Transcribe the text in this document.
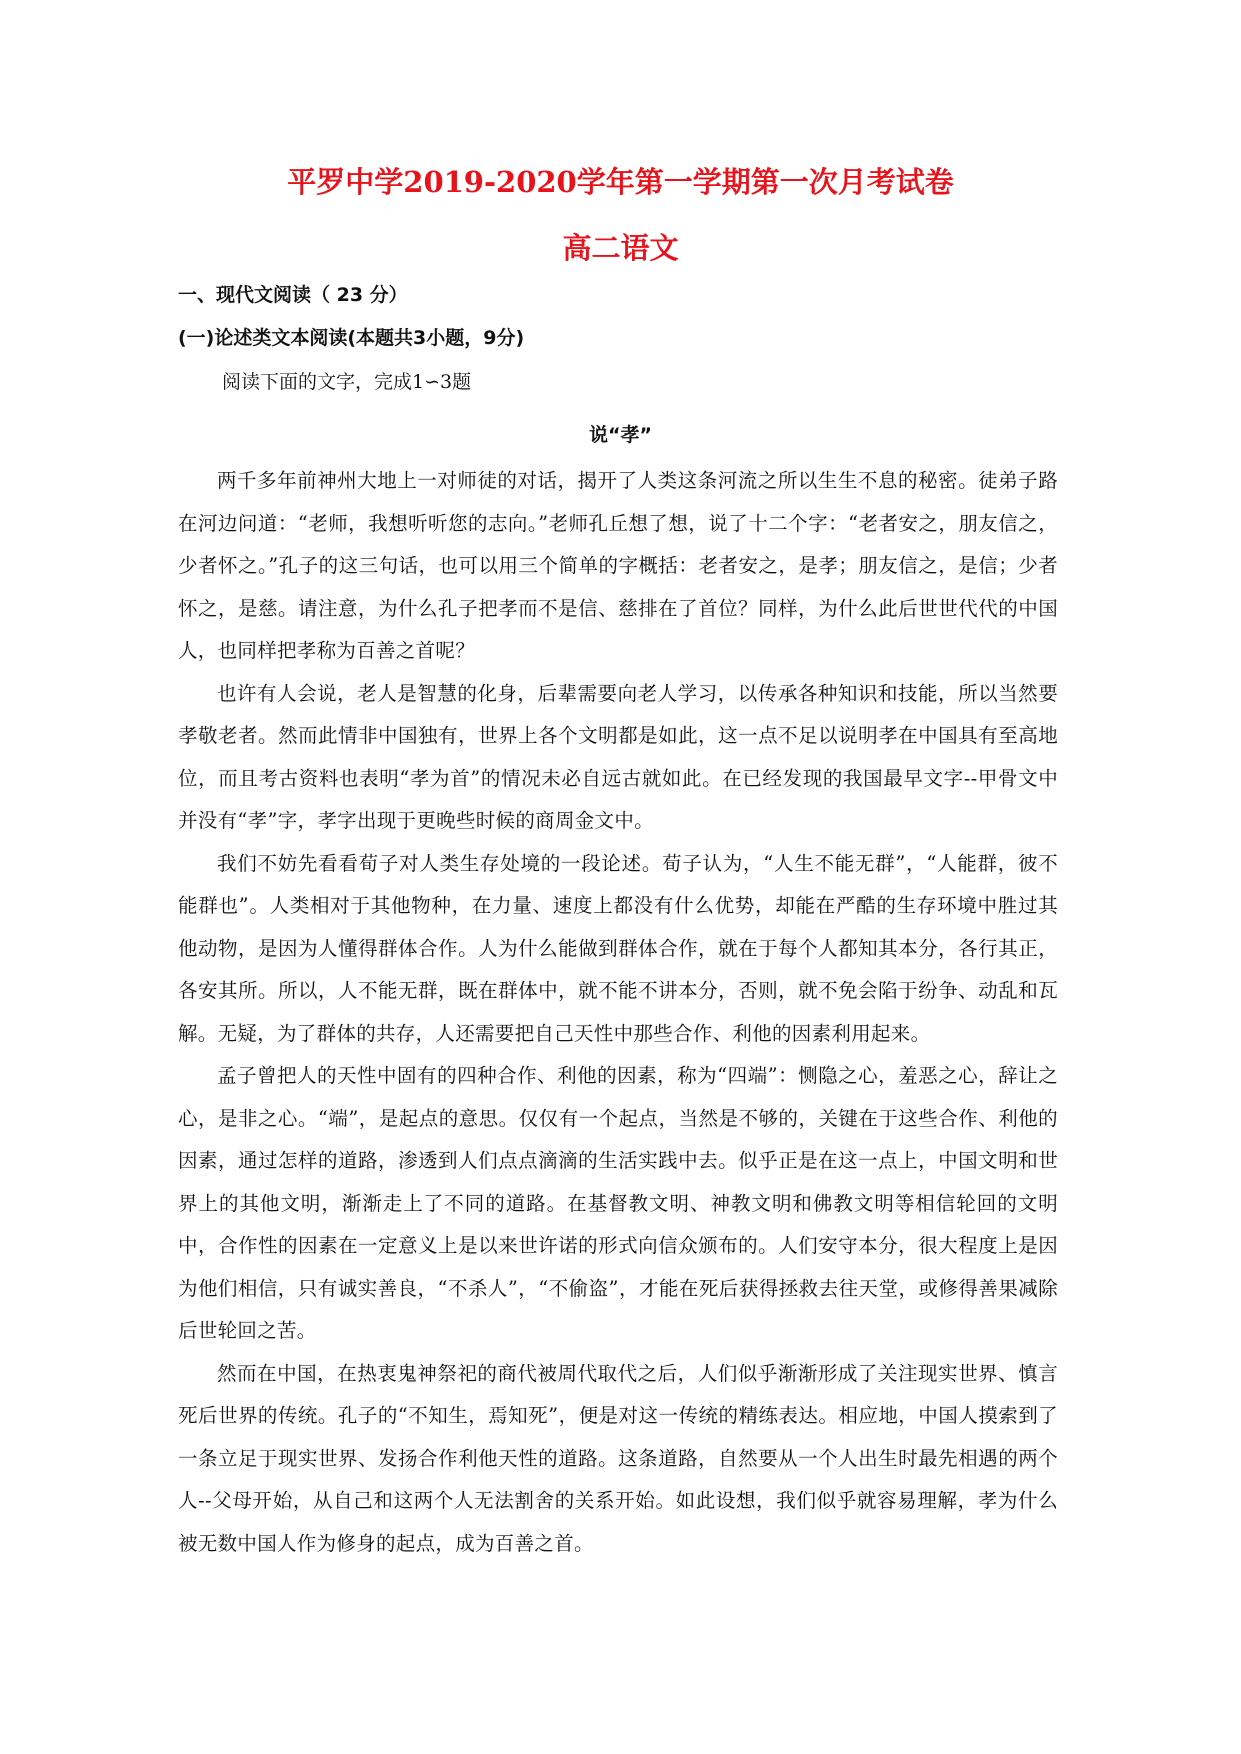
平罗中学2019-2020学年第一学期第一次月考试卷
高二语文
一、现代文阅读（ 23 分）
(一)论述类文本阅读(本题共3小题，9分)
阅读下面的文字，完成1∽3题
说“孝”

两千多年前神州大地上一对师徒的对话，揭开了人类这条河流之所以生生不息的秘密。徒弟子路在河边问道：“老师，我想听听您的志向。”老师孔丘想了想，说了十二个字：“老者安之，朋友信之，少者怀之。”孔子的这三句话，也可以用三个简单的字概括：老者安之，是孝；朋友信之，是信；少者怀之，是慈。请注意，为什么孔子把孝而不是信、慈排在了首位？同样，为什么此后世世代代的中国人，也同样把孝称为百善之首呢？

也许有人会说，老人是智慧的化身，后辈需要向老人学习，以传承各种知识和技能，所以当然要孝敬老者。然而此情非中国独有，世界上各个文明都是如此，这一点不足以说明孝在中国具有至高地位，而且考古资料也表明“孝为首”的情况未必自远古就如此。在已经发现的我国最早文字--甲骨文中并没有“孝”字，孝字出现于更晚些时候的商周金文中。

我们不妨先看看荀子对人类生存处境的一段论述。荀子认为，“人生不能无群”，“人能群，彼不能群也”。人类相对于其他物种，在力量、速度上都没有什么优势，却能在严酷的生存环境中胜过其他动物，是因为人懂得群体合作。人为什么能做到群体合作，就在于每个人都知其本分，各行其正，各安其所。所以，人不能无群，既在群体中，就不能不讲本分，否则，就不免会陷于纷争、动乱和瓦解。无疑，为了群体的共存，人还需要把自己天性中那些合作、利他的因素利用起来。

孟子曾把人的天性中固有的四种合作、利他的因素，称为“四端”：恻隐之心，羞恶之心，辞让之心，是非之心。“端”，是起点的意思。仅仅有一个起点，当然是不够的，关键在于这些合作、利他的因素，通过怎样的道路，渗透到人们点点滴滴的生活实践中去。似乎正是在这一点上，中国文明和世界上的其他文明，渐渐走上了不同的道路。在基督教文明、神教文明和佛教文明等相信轮回的文明中，合作性的因素在一定意义上是以来世许诺的形式向信众颁布的。人们安守本分，很大程度上是因为他们相信，只有诚实善良，“不杀人”，“不偷盗”，才能在死后获得拯救去往天堂，或修得善果减除后世轮回之苦。

然而在中国，在热衷鬼神祭祀的商代被周代取代之后，人们似乎渐渐形成了关注现实世界、慎言死后世界的传统。孔子的“不知生，焉知死”，便是对这一传统的精练表达。相应地，中国人摸索到了一条立足于现实世界、发扬合作利他天性的道路。这条道路，自然要从一个人出生时最先相遇的两个人--父母开始，从自己和这两个人无法割舍的关系开始。如此设想，我们似乎就容易理解，孝为什么被无数中国人作为修身的起点，成为百善之首。
